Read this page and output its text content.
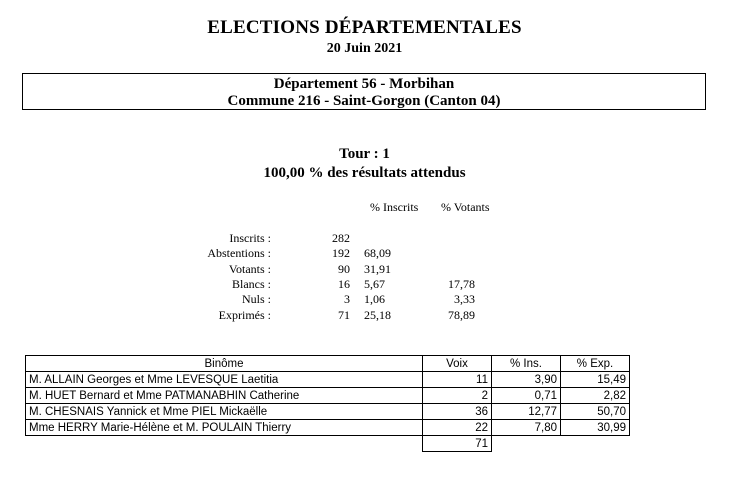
ELECTIONS DÉPARTEMENTALES
20 Juin 2021
Département 56 - Morbihan
Commune 216 - Saint-Gorgon (Canton 04)
Tour : 1
100,00 % des résultats attendus
% Inscrits % Votants
Inscrits :	282
Abstentions :	192 68,09
Votants :	90 31,91
Blancs :	16 5,67	17,78
Nuls :	3 1,06	3,33
Exprimés :	71 25,18	78,89
Binôme	Voix	% Ins.	% Exp.
M. ALLAIN Georges et Mme LEVESQUE Laetitia	11	3,90	15,49
M. HUET Bernard et Mme PATMANABHIN Catherine	2	0,71	2,82
M. CHESNAIS Yannick et Mme PIEL Mickaëlle	36	12,77	50,70
Mme HERRY Marie-Hélène et M. POULAIN Thierry	22	7,80	30,99
	71		
